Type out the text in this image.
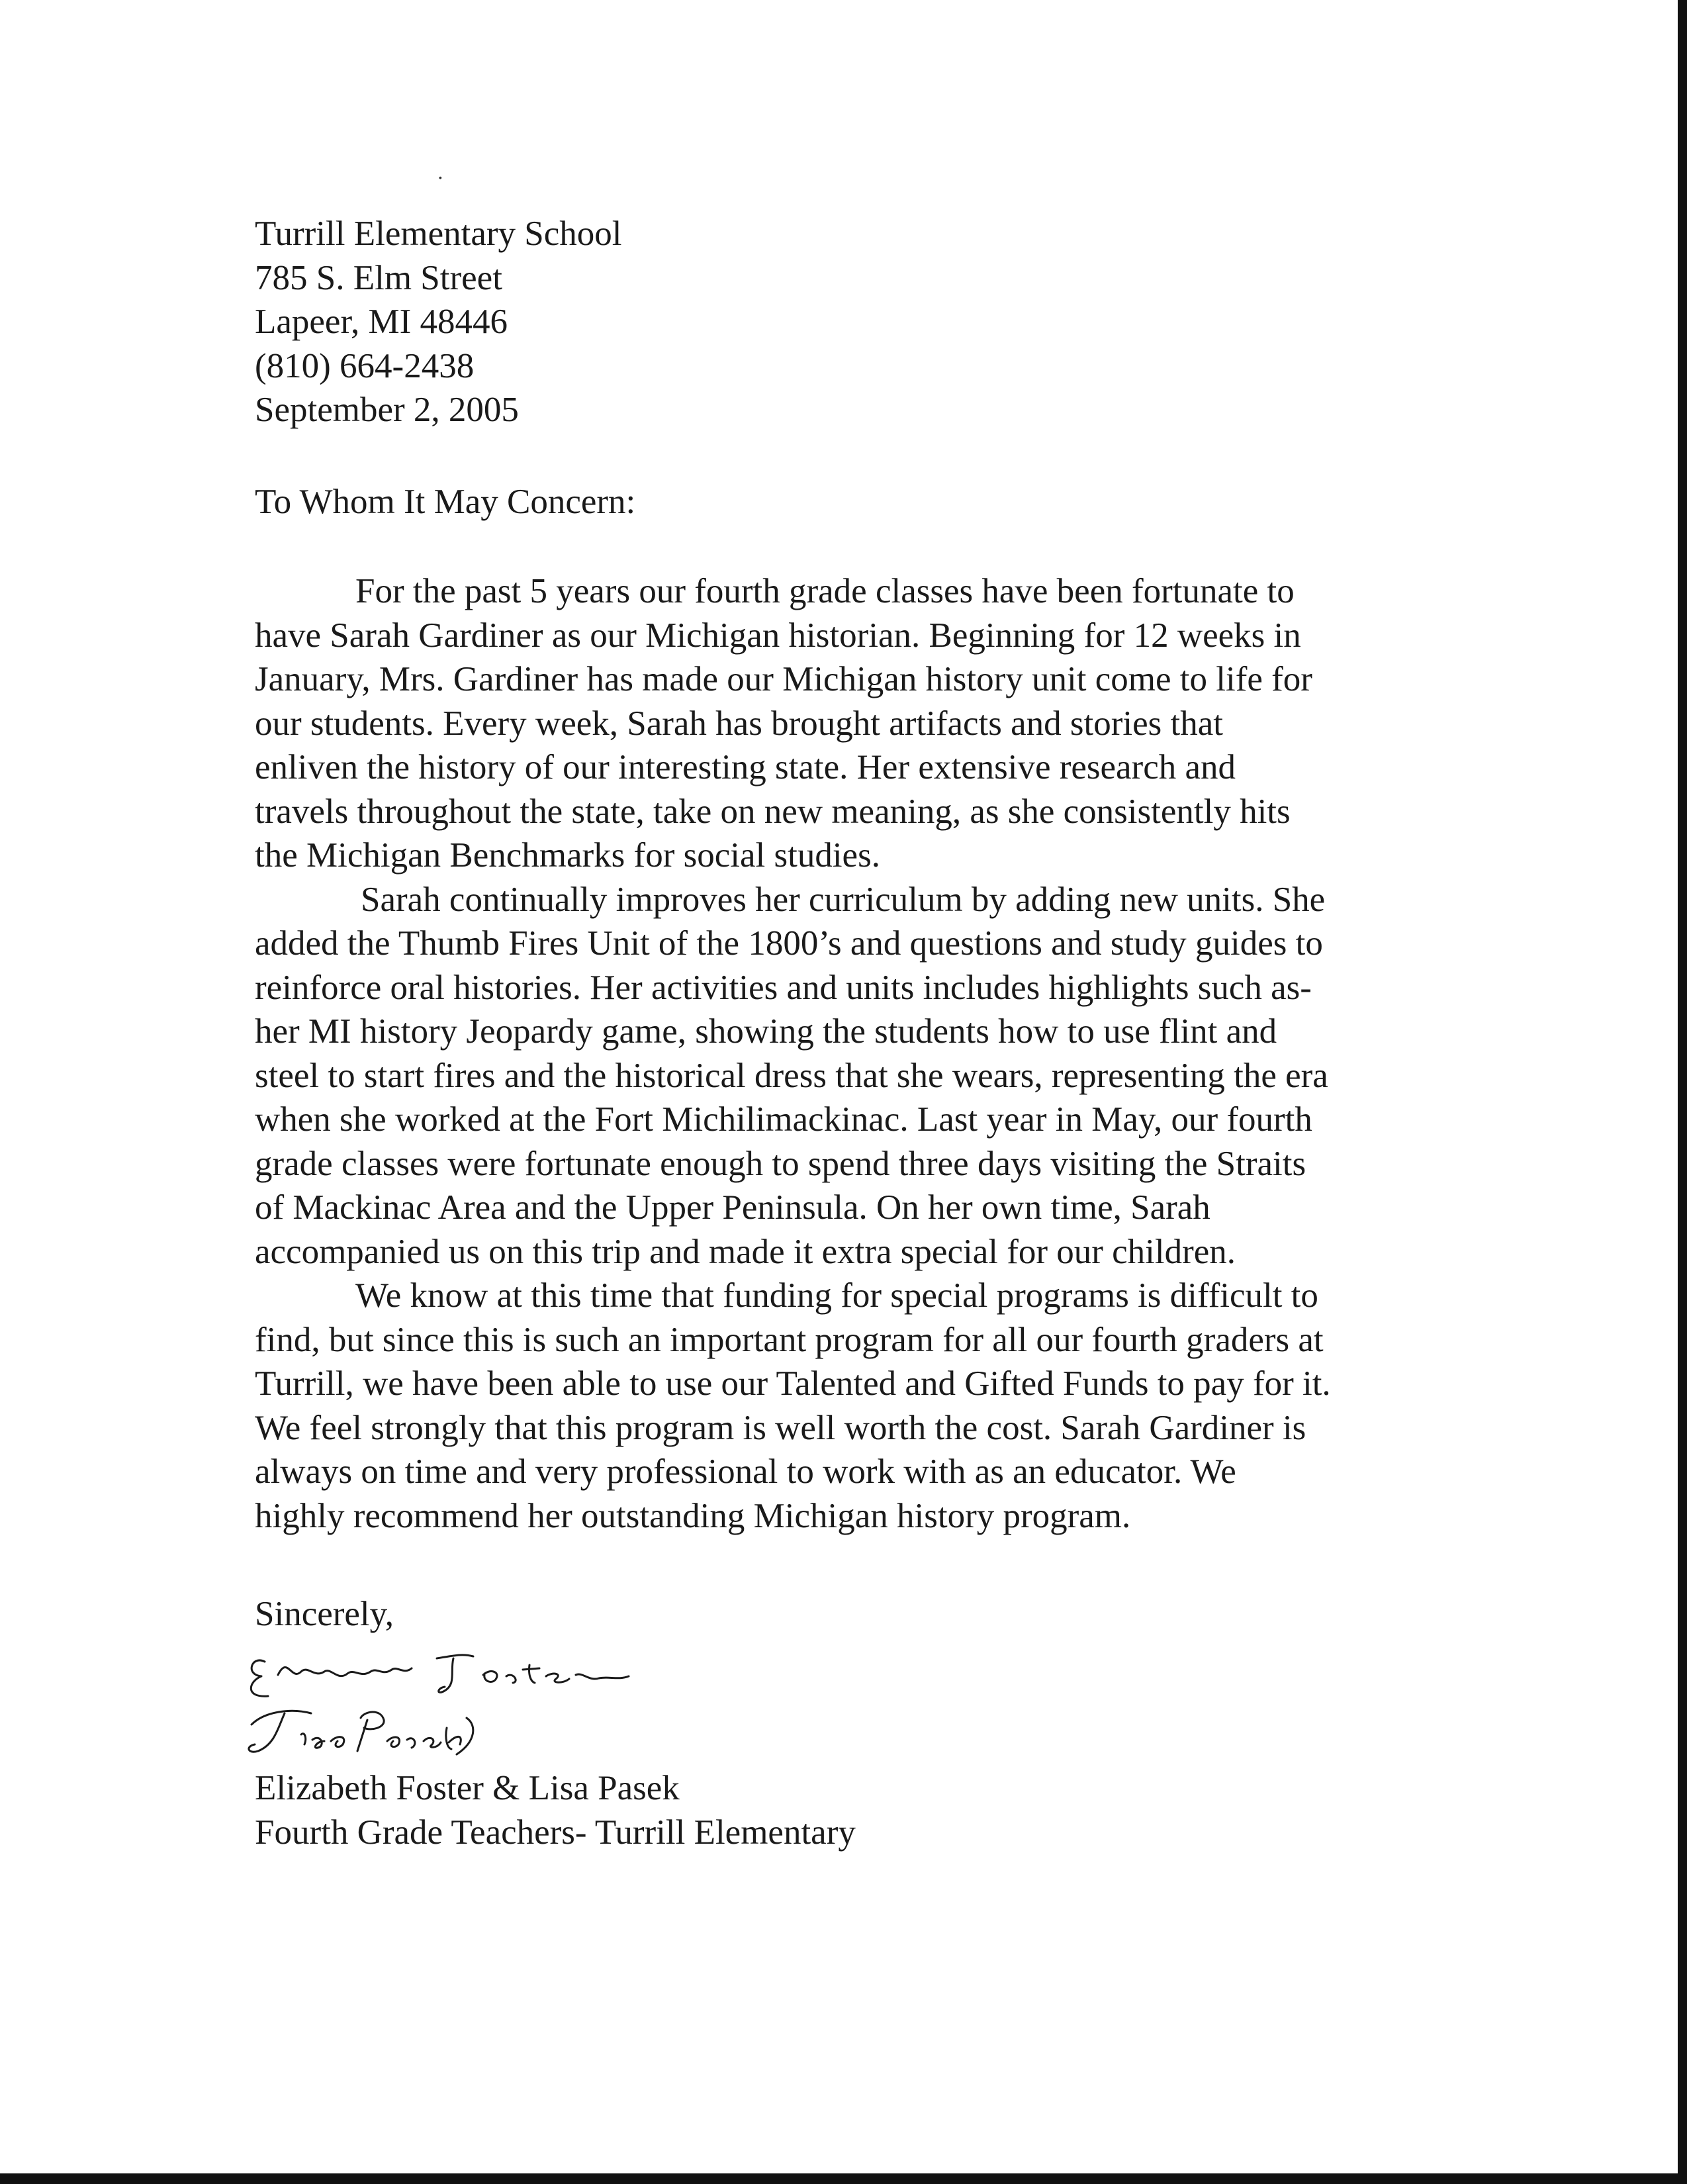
·
Turrill Elementary School
785 S. Elm Street
Lapeer, MI 48446
(810) 664-2438
September 2, 2005
To Whom It May Concern:
For the past 5 years our fourth grade classes have been fortunate to
have Sarah Gardiner as our Michigan historian. Beginning for 12 weeks in
January, Mrs. Gardiner has made our Michigan history unit come to life for
our students. Every week, Sarah has brought artifacts and stories that
enliven the history of our interesting state. Her extensive research and
travels throughout the state, take on new meaning, as she consistently hits
the Michigan Benchmarks for social studies.
Sarah continually improves her curriculum by adding new units. She
added the Thumb Fires Unit of the 1800’s and questions and study guides to
reinforce oral histories. Her activities and units includes highlights such as-
her MI history Jeopardy game, showing the students how to use flint and
steel to start fires and the historical dress that she wears, representing the era
when she worked at the Fort Michilimackinac. Last year in May, our fourth
grade classes were fortunate enough to spend three days visiting the Straits
of Mackinac Area and the Upper Peninsula. On her own time, Sarah
accompanied us on this trip and made it extra special for our children.
We know at this time that funding for special programs is difficult to
find, but since this is such an important program for all our fourth graders at
Turrill, we have been able to use our Talented and Gifted Funds to pay for it.
We feel strongly that this program is well worth the cost. Sarah Gardiner is
always on time and very professional to work with as an educator. We
highly recommend her outstanding Michigan history program.
Sincerely,
Elizabeth Foster & Lisa Pasek
Fourth Grade Teachers- Turrill Elementary
